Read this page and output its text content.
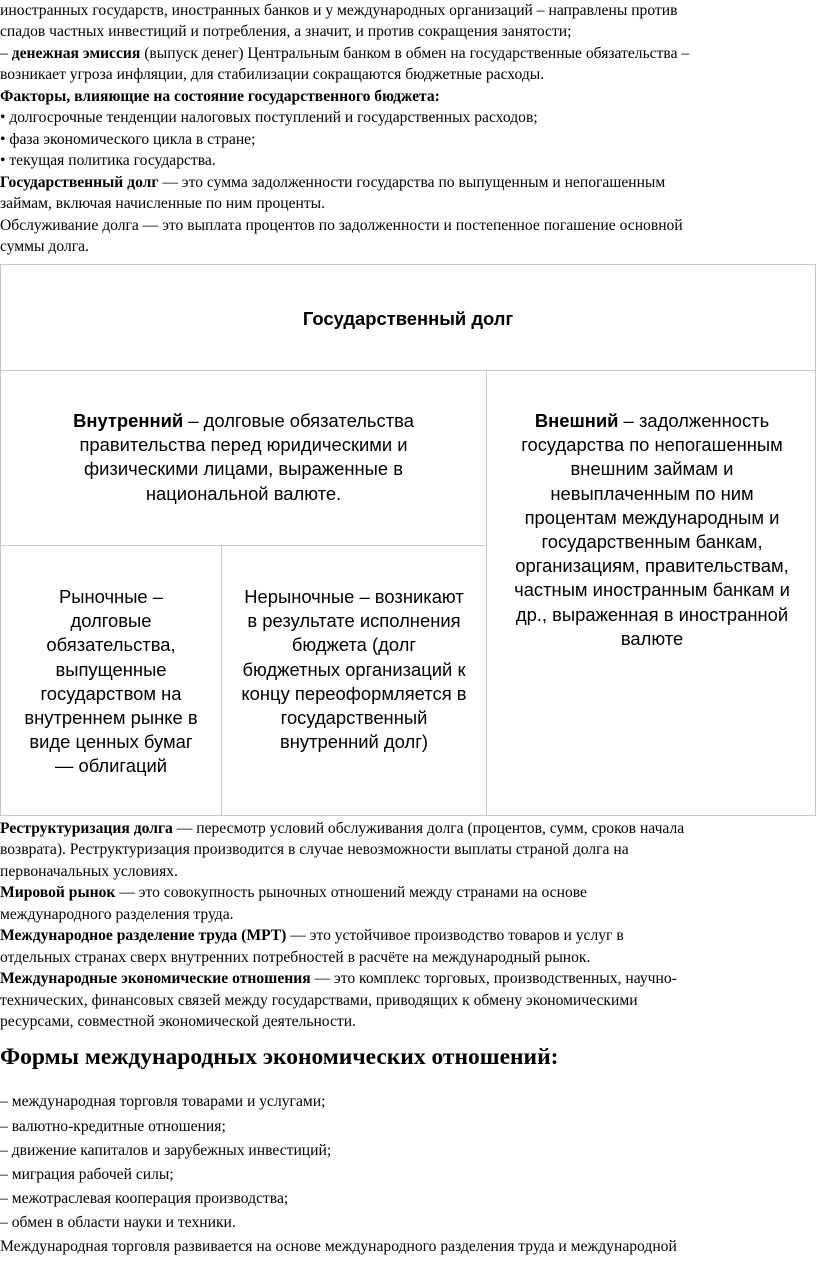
иностранных государств, иностранных банков и у международных организаций – направлены против

спадов частных инвестиций и потребления, а значит, и против сокращения занятости;

– денежная эмиссия (выпуск денег) Центральным банком в обмен на государственные обязательства –

возникает угроза инфляции, для стабилизации сокращаются бюджетные расходы.

Факторы, влияющие на состояние государственного бюджета:

• долгосрочные тенденции налоговых поступлений и государственных расходов;

• фаза экономического цикла в стране;

• текущая политика государства.

Государственный долг — это сумма задолженности государства по выпущенным и непогашенным

займам, включая начисленные по ним проценты.

Обслуживание долга — это выплата процентов по задолженности и постепенное погашение основной

суммы долга.

Государственный долг
Внутренний – долговые обязательства
правительства перед юридическими и
физическими лицами, выраженные в
национальной валюте.
Внешний – задолженность
государства по непогашенным
внешним займам и
невыплаченным по ним
процентам международным и
государственным банкам,
организациям, правительствам,
частным иностранным банкам и
др., выраженная в иностранной
валюте
Рыночные –
долговые
обязательства,
выпущенные
государством на
внутреннем рынке в
виде ценных бумаг
— облигаций
Нерыночные – возникают
в результате исполнения
бюджета (долг
бюджетных организаций к
концу переоформляется в
государственный
внутренний долг)

Реструктуризация долга — пересмотр условий обслуживания долга (процентов, сумм, сроков начала

возврата). Реструктуризация производится в случае невозможности выплаты страной долга на

первоначальных условиях.

Мировой рынок — это совокупность рыночных отношений между странами на основе

международного разделения труда.

Международное разделение труда (МРТ) — это устойчивое производство товаров и услуг в

отдельных странах сверх внутренних потребностей в расчёте на международный рынок.

Международные экономические отношения — это комплекс торговых, производственных, научно-

технических, финансовых связей между государствами, приводящих к обмену экономическими

ресурсами, совместной экономической деятельности.

Формы международных экономических отношений:

– международная торговля товарами и услугами;

– валютно-кредитные отношения;

– движение капиталов и зарубежных инвестиций;

– миграция рабочей силы;

– межотраслевая кооперация производства;

– обмен в области науки и техники.

Международная торговля развивается на основе международного разделения труда и международной
